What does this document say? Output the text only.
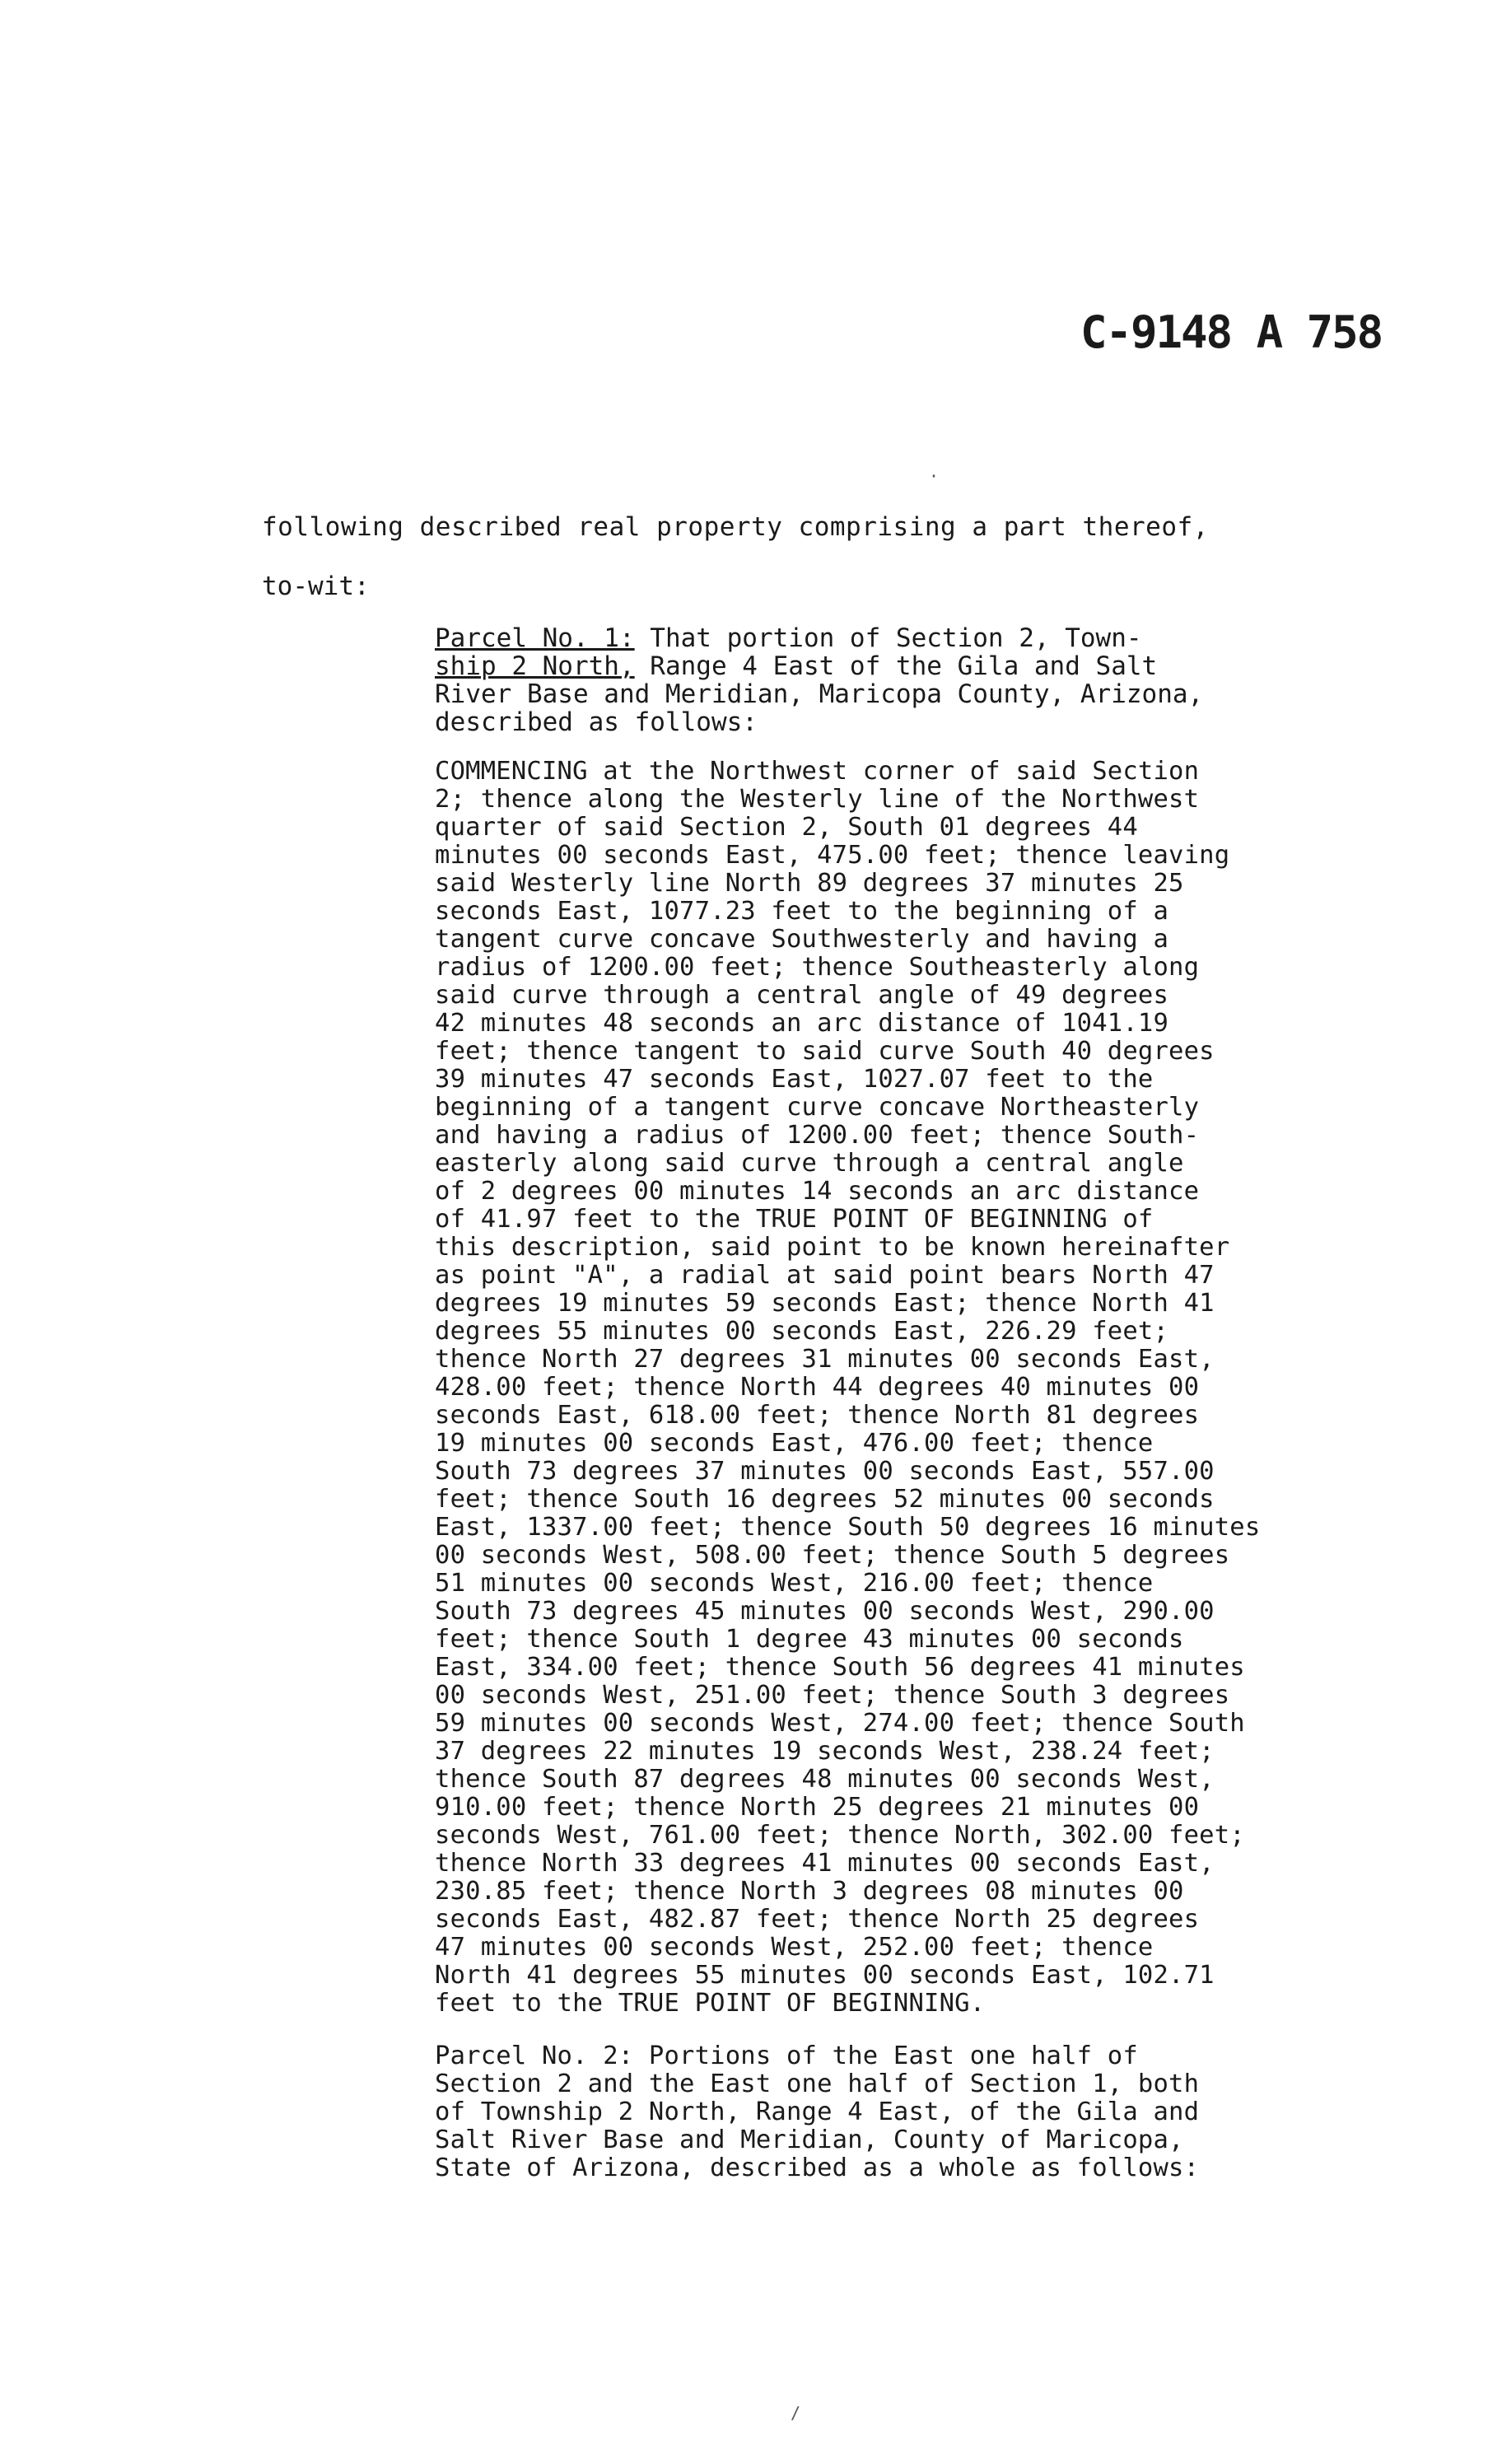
C-9148 A 758
·
following described real property comprising a part thereof,
to-wit:
Parcel No. 1: That portion of Section 2, Town-
ship 2 North, Range 4 East of the Gila and Salt
River Base and Meridian, Maricopa County, Arizona,
described as follows:
COMMENCING at the Northwest corner of said Section
2; thence along the Westerly line of the Northwest
quarter of said Section 2, South 01 degrees 44
minutes 00 seconds East, 475.00 feet; thence leaving
said Westerly line North 89 degrees 37 minutes 25
seconds East, 1077.23 feet to the beginning of a
tangent curve concave Southwesterly and having a
radius of 1200.00 feet; thence Southeasterly along
said curve through a central angle of 49 degrees
42 minutes 48 seconds an arc distance of 1041.19
feet; thence tangent to said curve South 40 degrees
39 minutes 47 seconds East, 1027.07 feet to the
beginning of a tangent curve concave Northeasterly
and having a radius of 1200.00 feet; thence South-
easterly along said curve through a central angle
of 2 degrees 00 minutes 14 seconds an arc distance
of 41.97 feet to the TRUE POINT OF BEGINNING of
this description, said point to be known hereinafter
as point "A", a radial at said point bears North 47
degrees 19 minutes 59 seconds East; thence North 41
degrees 55 minutes 00 seconds East, 226.29 feet;
thence North 27 degrees 31 minutes 00 seconds East,
428.00 feet; thence North 44 degrees 40 minutes 00
seconds East, 618.00 feet; thence North 81 degrees
19 minutes 00 seconds East, 476.00 feet; thence
South 73 degrees 37 minutes 00 seconds East, 557.00
feet; thence South 16 degrees 52 minutes 00 seconds
East, 1337.00 feet; thence South 50 degrees 16 minutes
00 seconds West, 508.00 feet; thence South 5 degrees
51 minutes 00 seconds West, 216.00 feet; thence
South 73 degrees 45 minutes 00 seconds West, 290.00
feet; thence South 1 degree 43 minutes 00 seconds
East, 334.00 feet; thence South 56 degrees 41 minutes
00 seconds West, 251.00 feet; thence South 3 degrees
59 minutes 00 seconds West, 274.00 feet; thence South
37 degrees 22 minutes 19 seconds West, 238.24 feet;
thence South 87 degrees 48 minutes 00 seconds West,
910.00 feet; thence North 25 degrees 21 minutes 00
seconds West, 761.00 feet; thence North, 302.00 feet;
thence North 33 degrees 41 minutes 00 seconds East,
230.85 feet; thence North 3 degrees 08 minutes 00
seconds East, 482.87 feet; thence North 25 degrees
47 minutes 00 seconds West, 252.00 feet; thence
North 41 degrees 55 minutes 00 seconds East, 102.71
feet to the TRUE POINT OF BEGINNING.
Parcel No. 2: Portions of the East one half of
Section 2 and the East one half of Section 1, both
of Township 2 North, Range 4 East, of the Gila and
Salt River Base and Meridian, County of Maricopa,
State of Arizona, described as a whole as follows:
/
